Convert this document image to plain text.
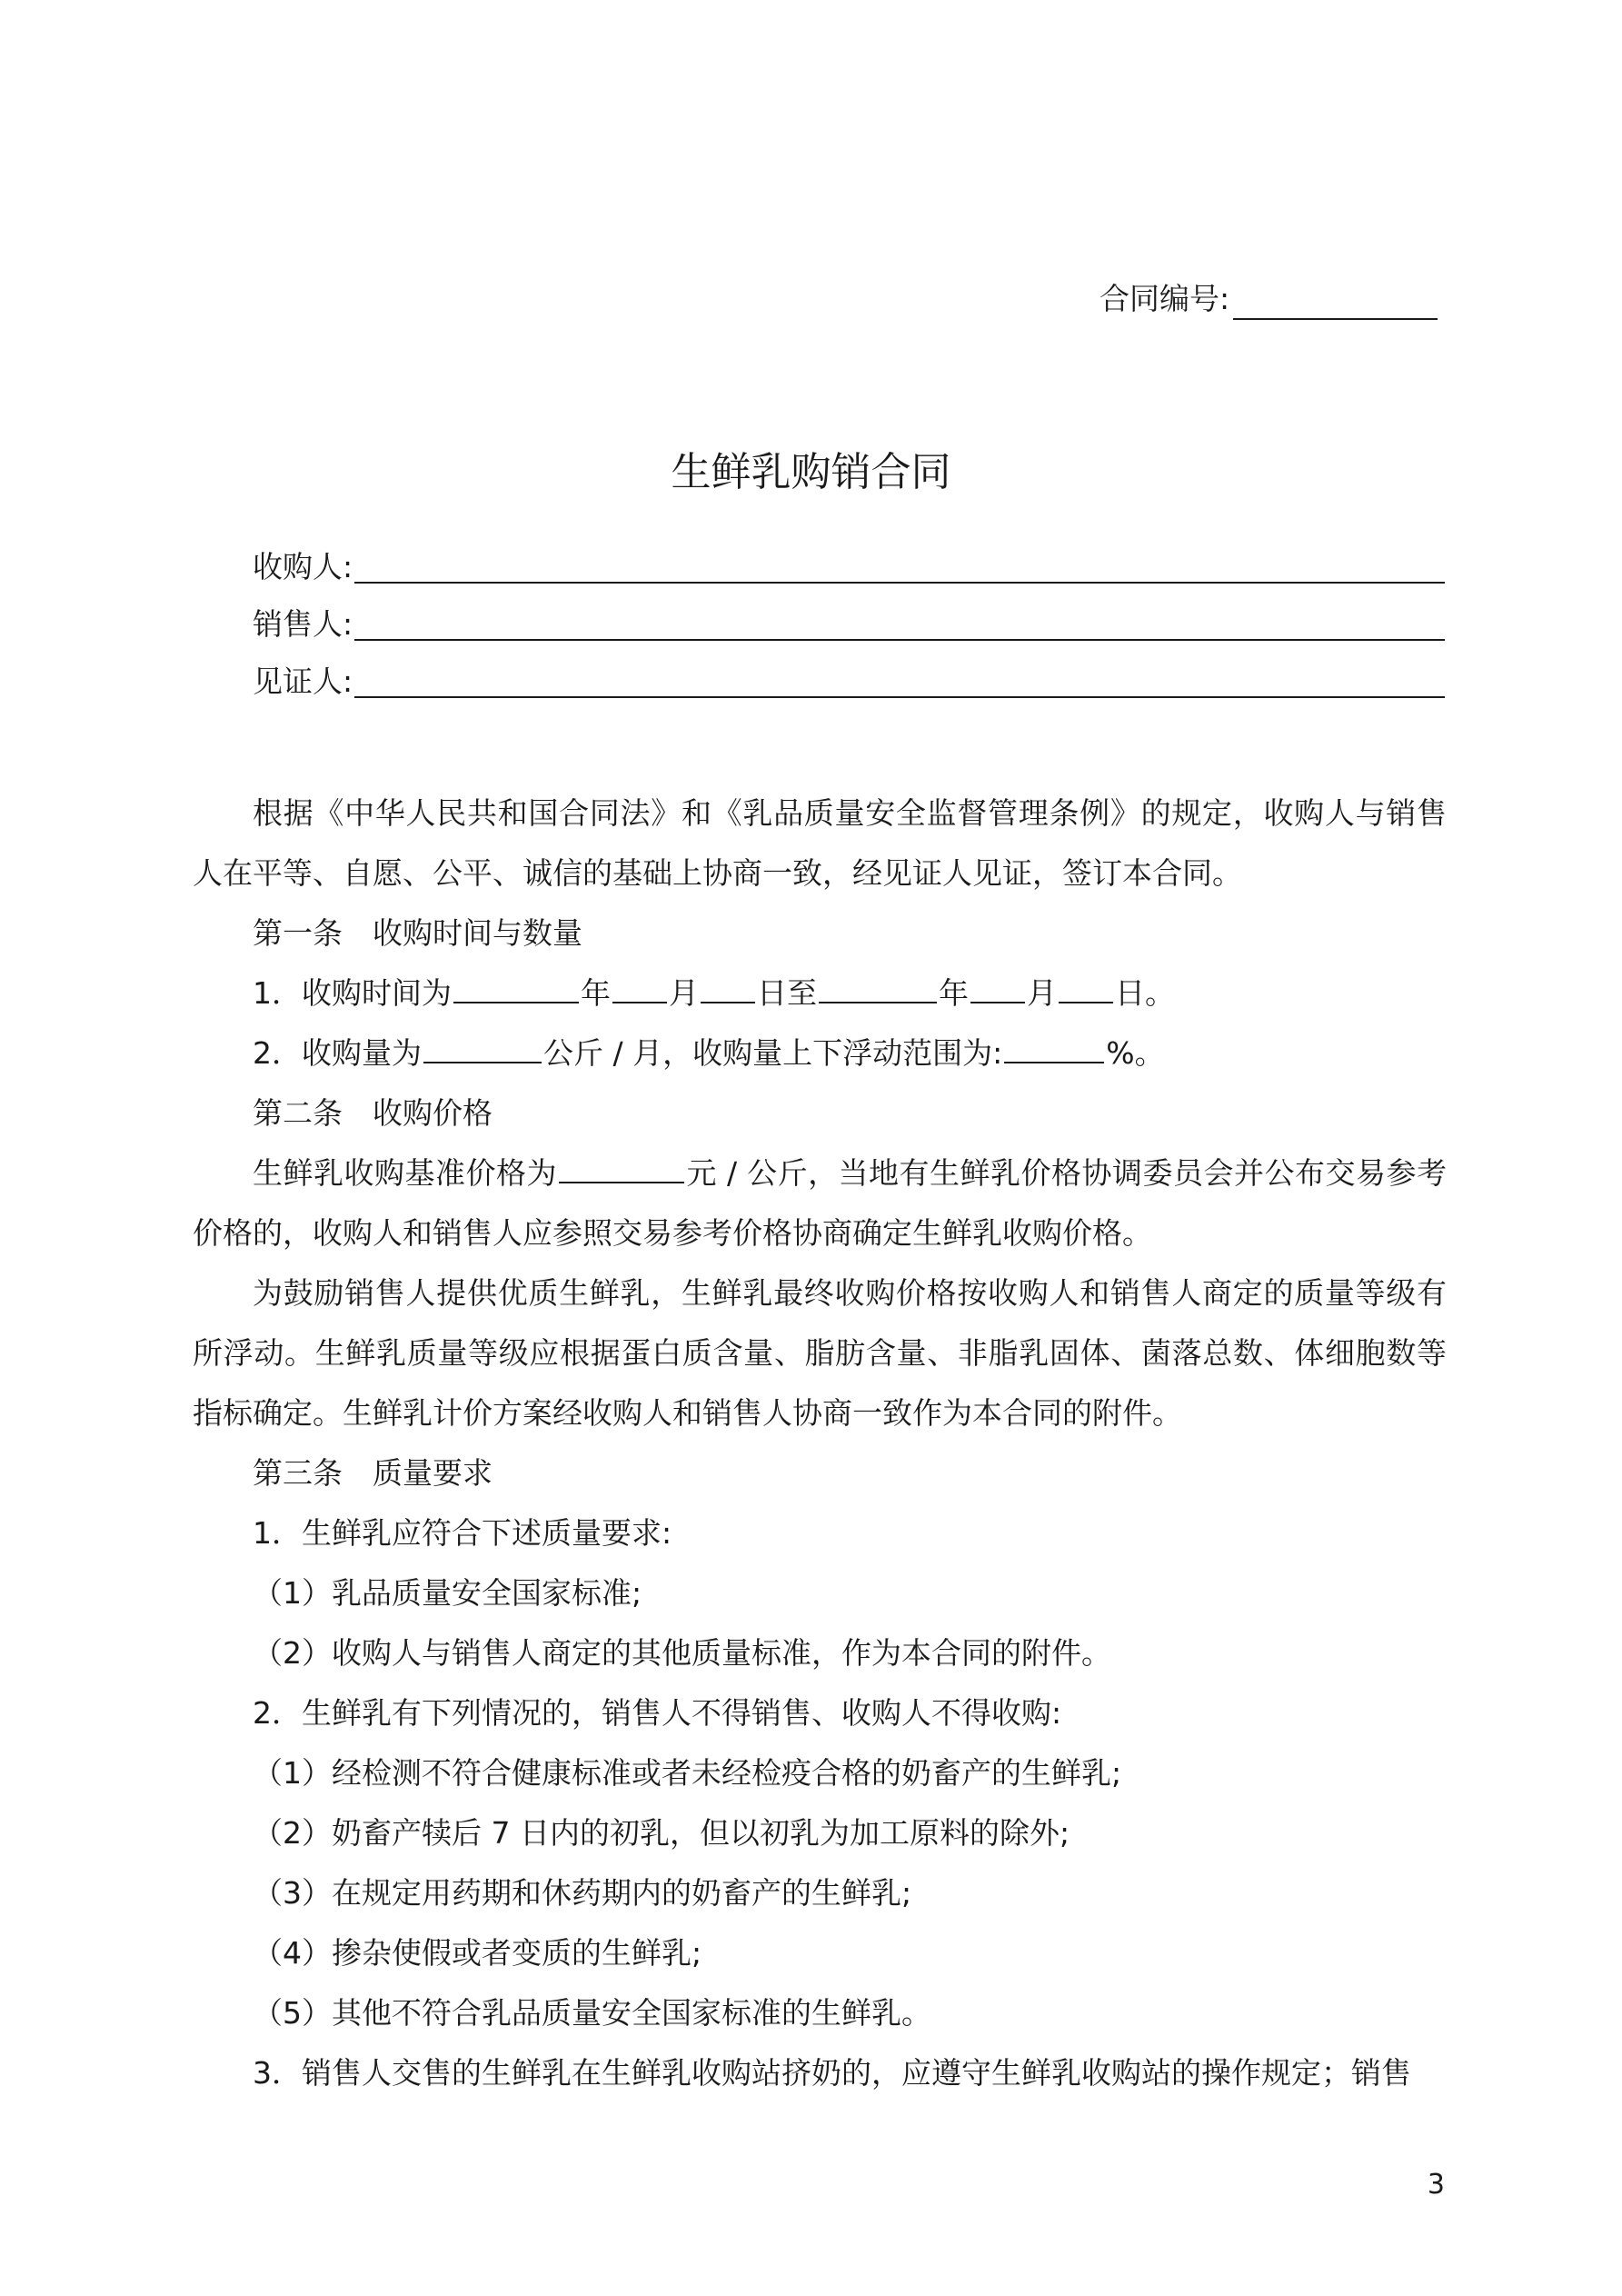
合同编号:
生鲜乳购销合同
收购人:
销售人:
见证人:

根据《中华人民共和国合同法》和《乳品质量安全监督管理条例》的规定，收购人与销售人在平等、自愿、公平、诚信的基础上协商一致，经见证人见证，签订本合同。

第一条　收购时间与数量

1．收购时间为	年 月 日至	年 月 日。

2．收购量为	公斤 / 月，收购量上下浮动范围为:	%。

第二条　收购价格

生鲜乳收购基准价格为	元 / 公斤，当地有生鲜乳价格协调委员会并公布交易参考价格的，收购人和销售人应参照交易参考价格协商确定生鲜乳收购价格。

为鼓励销售人提供优质生鲜乳，生鲜乳最终收购价格按收购人和销售人商定的质量等级有所浮动。生鲜乳质量等级应根据蛋白质含量、脂肪含量、非脂乳固体、菌落总数、体细胞数等指标确定。生鲜乳计价方案经收购人和销售人协商一致作为本合同的附件。

第三条　质量要求

1．生鲜乳应符合下述质量要求:

（1）乳品质量安全国家标准;

（2）收购人与销售人商定的其他质量标准，作为本合同的附件。

2．生鲜乳有下列情况的，销售人不得销售、收购人不得收购:

（1）经检测不符合健康标准或者未经检疫合格的奶畜产的生鲜乳;

（2）奶畜产犊后 7 日内的初乳，但以初乳为加工原料的除外;

（3）在规定用药期和休药期内的奶畜产的生鲜乳;

（4）掺杂使假或者变质的生鲜乳;

（5）其他不符合乳品质量安全国家标准的生鲜乳。

3．销售人交售的生鲜乳在生鲜乳收购站挤奶的，应遵守生鲜乳收购站的操作规定；销售

3
